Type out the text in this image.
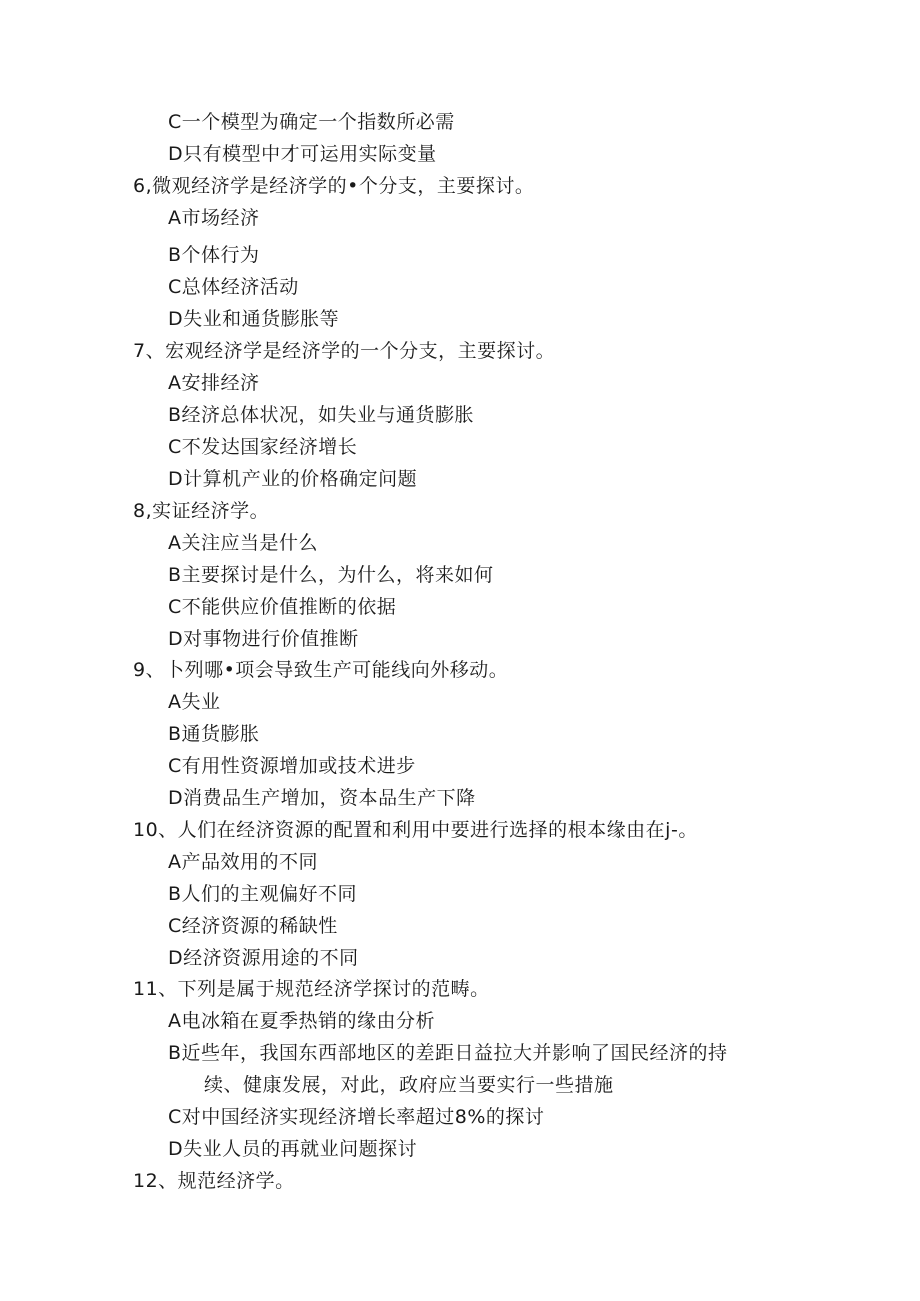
C一个模型为确定一个指数所必需
D只有模型中才可运用实际变量
6,微观经济学是经济学的•个分支，主要探讨。
A市场经济
B个体行为
C总体经济活动
D失业和通货膨胀等
7、宏观经济学是经济学的一个分支，主要探讨。
A安排经济
B经济总体状况，如失业与通货膨胀
C不发达国家经济增长
D计算机产业的价格确定问题
8,实证经济学。
A关注应当是什么
B主要探讨是什么，为什么，将来如何
C不能供应价值推断的依据
D对事物进行价值推断
9、卜列哪•项会导致生产可能线向外移动。
A失业
B通货膨胀
C有用性资源增加或技术进步
D消费品生产增加，资本品生产下降
10、人们在经济资源的配置和利用中要进行选择的根本缘由在j-。
A产品效用的不同
B人们的主观偏好不同
C经济资源的稀缺性
D经济资源用途的不同
11、下列是属于规范经济学探讨的范畴。
A电冰箱在夏季热销的缘由分析
B近些年，我国东西部地区的差距日益拉大并影响了国民经济的持
续、健康发展，对此，政府应当要实行一些措施
C对中国经济实现经济增长率超过8%的探讨
D失业人员的再就业问题探讨
12、规范经济学。
